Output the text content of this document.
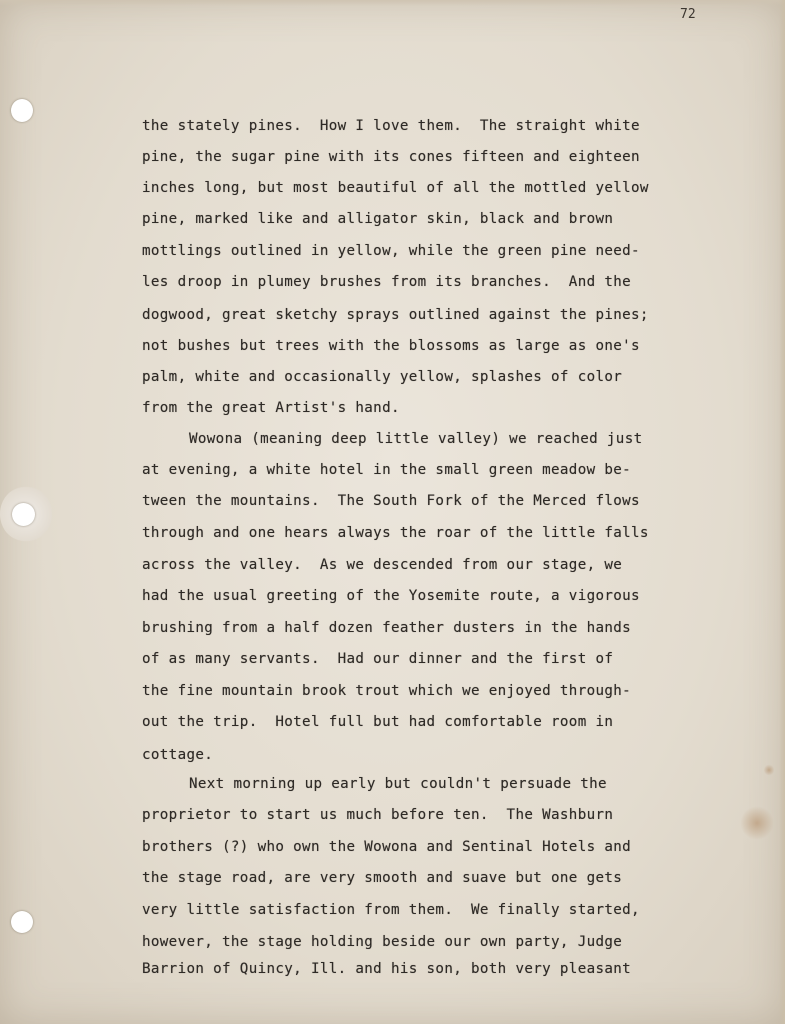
72
the stately pines.  How I love them.  The straight white
pine, the sugar pine with its cones fifteen and eighteen
inches long, but most beautiful of all the mottled yellow
pine, marked like and alligator skin, black and brown
mottlings outlined in yellow, while the green pine need-
les droop in plumey brushes from its branches.  And the
dogwood, great sketchy sprays outlined against the pines;
not bushes but trees with the blossoms as large as one's
palm, white and occasionally yellow, splashes of color
from the great Artist's hand.
Wowona (meaning deep little valley) we reached just
at evening, a white hotel in the small green meadow be-
tween the mountains.  The South Fork of the Merced flows
through and one hears always the roar of the little falls
across the valley.  As we descended from our stage, we
had the usual greeting of the Yosemite route, a vigorous
brushing from a half dozen feather dusters in the hands
of as many servants.  Had our dinner and the first of
the fine mountain brook trout which we enjoyed through-
out the trip.  Hotel full but had comfortable room in
cottage.
Next morning up early but couldn't persuade the
proprietor to start us much before ten.  The Washburn
brothers (?) who own the Wowona and Sentinal Hotels and
the stage road, are very smooth and suave but one gets
very little satisfaction from them.  We finally started,
however, the stage holding beside our own party, Judge
Barrion of Quincy, Ill. and his son, both very pleasant
